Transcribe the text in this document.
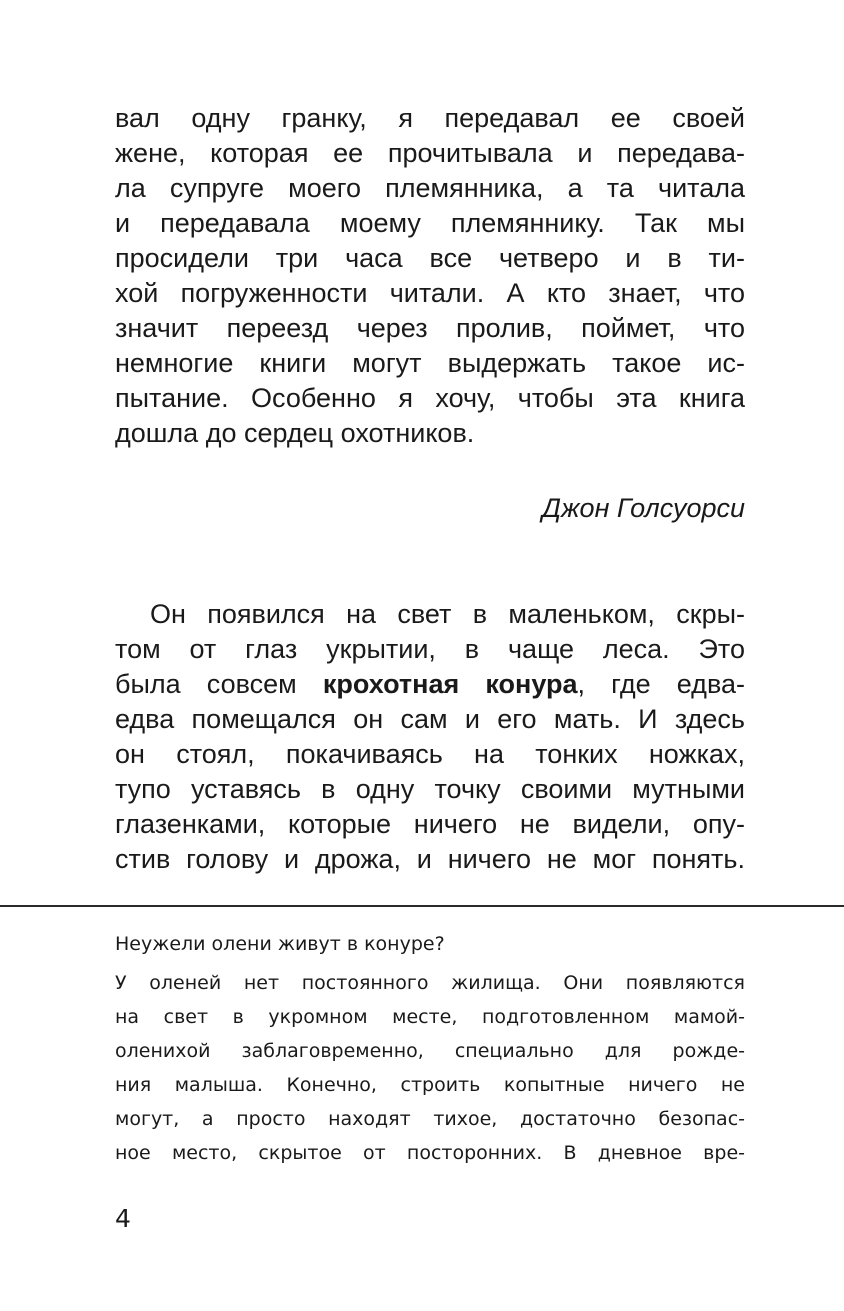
вал одну гранку, я передавал ее своей
жене, которая ее прочитывала и передава-
ла супруге моего племянника, а та читала
и передавала моему племяннику. Так мы
просидели три часа все четверо и в ти-
хой погруженности читали. А кто знает, что
значит переезд через пролив, поймет, что
немногие книги могут выдержать такое ис-
пытание. Особенно я хочу, чтобы эта книга
дошла до сердец охотников.
Джон Голсуорси
Он появился на свет в маленьком, скры-
том от глаз укрытии, в чаще леса. Это
была совсем крохотная конура, где едва-
едва помещался он сам и его мать. И здесь
он стоял, покачиваясь на тонких ножках,
тупо уставясь в одну точку своими мутными
глазенками, которые ничего не видели, опу-
стив голову и дрожа, и ничего не мог понять.
Неужели олени живут в конуре?
У оленей нет постоянного жилища. Они появляются
на свет в укромном месте, подготовленном мамой-
оленихой заблаговременно, специально для рожде-
ния малыша. Конечно, строить копытные ничего не
могут, а просто находят тихое, достаточно безопас-
ное место, скрытое от посторонних. В дневное вре-
4
